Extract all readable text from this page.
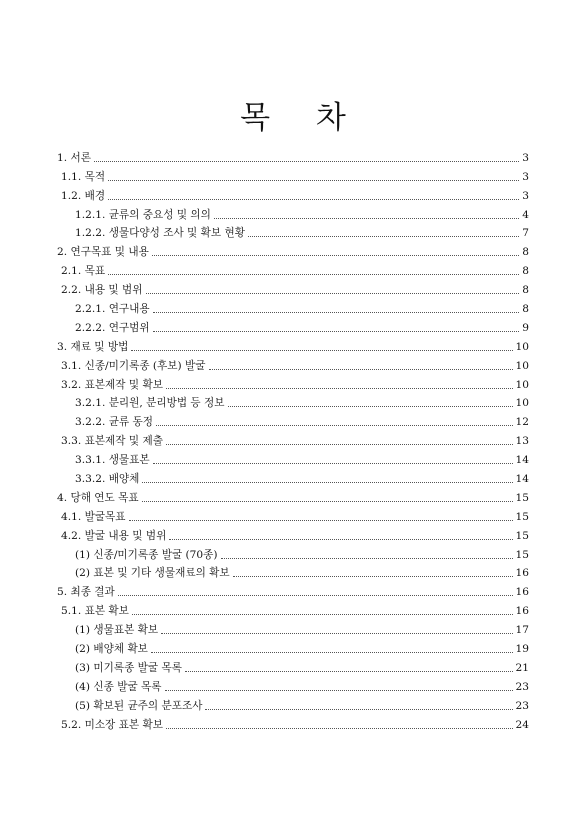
목 차
1. 서론	3
1.1. 목적	3
1.2. 배경	3
1.2.1. 균류의 중요성 및 의의	4
1.2.2. 생물다양성 조사 및 확보 현황	7
2. 연구목표 및 내용	8
2.1. 목표	8
2.2. 내용 및 범위	8
2.2.1. 연구내용	8
2.2.2. 연구범위	9
3. 재료 및 방법	10
3.1. 신종/미기록종 (후보) 발굴	10
3.2. 표본제작 및 확보	10
3.2.1. 분리원, 분리방법 등 정보	10
3.2.2. 균류 동정	12
3.3. 표본제작 및 제출	13
3.3.1. 생물표본	14
3.3.2. 배양체	14
4. 당해 연도 목표	15
4.1. 발굴목표	15
4.2. 발굴 내용 및 범위	15
(1) 신종/미기록종 발굴 (70종)	15
(2) 표본 및 기타 생물재료의 확보	16
5. 최종 결과	16
5.1. 표본 확보	16
(1) 생물표본 확보	17
(2) 배양체 확보	19
(3) 미기록종 발굴 목록	21
(4) 신종 발굴 목록	23
(5) 확보된 균주의 분포조사	23
5.2. 미소장 표본 확보	24
